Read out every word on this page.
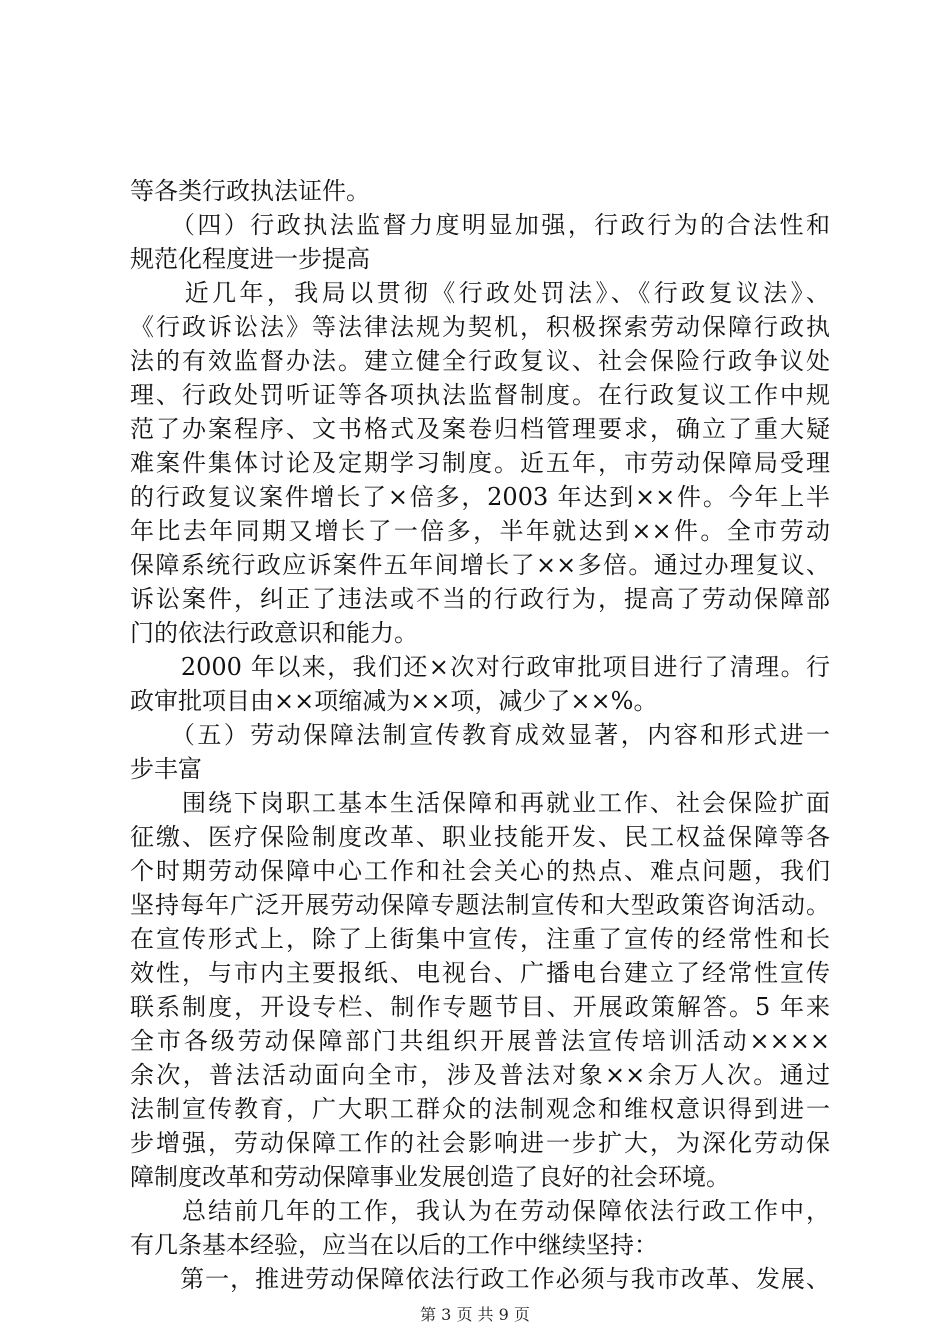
等各类行政执法证件。
　　（四）行政执法监督力度明显加强，行政行为的合法性和
规范化程度进一步提高
　　近几年，我局以贯彻《行政处罚法》、《行政复议法》、
《行政诉讼法》等法律法规为契机，积极探索劳动保障行政执
法的有效监督办法。建立健全行政复议、社会保险行政争议处
理、行政处罚听证等各项执法监督制度。在行政复议工作中规
范了办案程序、文书格式及案卷归档管理要求，确立了重大疑
难案件集体讨论及定期学习制度。近五年，市劳动保障局受理
的行政复议案件增长了×倍多，2003 年达到××件。今年上半
年比去年同期又增长了一倍多，半年就达到××件。全市劳动
保障系统行政应诉案件五年间增长了××多倍。通过办理复议、
诉讼案件，纠正了违法或不当的行政行为，提高了劳动保障部
门的依法行政意识和能力。
　　2000 年以来，我们还×次对行政审批项目进行了清理。行
政审批项目由××项缩减为××项，减少了××%。
　　（五）劳动保障法制宣传教育成效显著，内容和形式进一
步丰富
　　围绕下岗职工基本生活保障和再就业工作、社会保险扩面
征缴、医疗保险制度改革、职业技能开发、民工权益保障等各
个时期劳动保障中心工作和社会关心的热点、难点问题，我们
坚持每年广泛开展劳动保障专题法制宣传和大型政策咨询活动。
在宣传形式上，除了上街集中宣传，注重了宣传的经常性和长
效性，与市内主要报纸、电视台、广播电台建立了经常性宣传
联系制度，开设专栏、制作专题节目、开展政策解答。5 年来
全市各级劳动保障部门共组织开展普法宣传培训活动××××
余次，普法活动面向全市，涉及普法对象××余万人次。通过
法制宣传教育，广大职工群众的法制观念和维权意识得到进一
步增强，劳动保障工作的社会影响进一步扩大，为深化劳动保
障制度改革和劳动保障事业发展创造了良好的社会环境。
　　总结前几年的工作，我认为在劳动保障依法行政工作中，
有几条基本经验，应当在以后的工作中继续坚持：
　　第一，推进劳动保障依法行政工作必须与我市改革、发展、
第 3 页 共 9 页
